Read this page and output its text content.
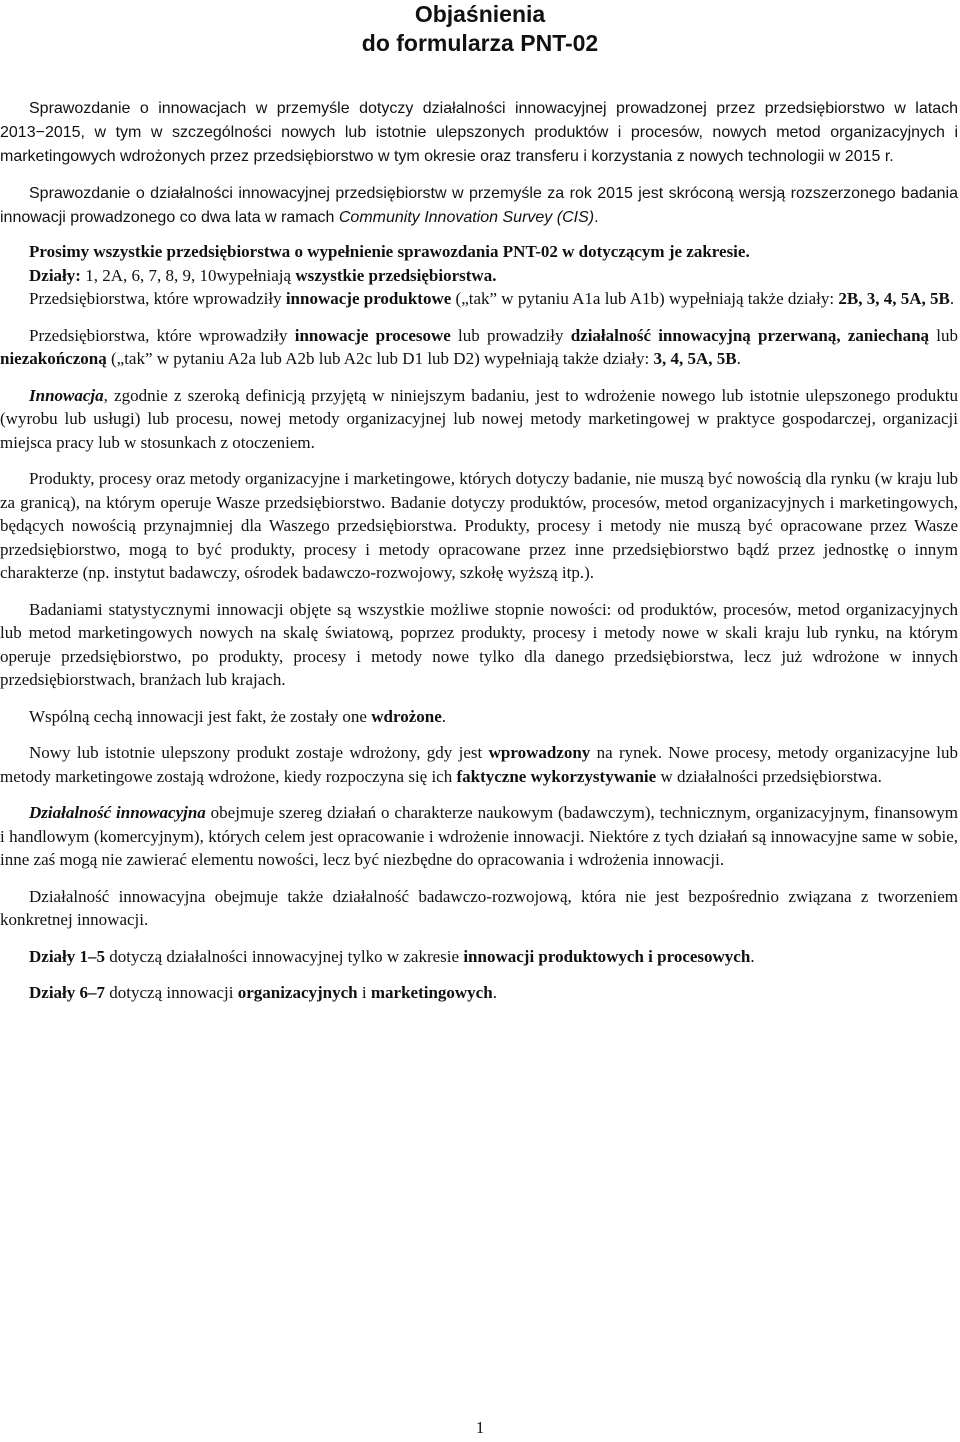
Objaśnienia
do formularza PNT-02

Sprawozdanie o innowacjach w przemyśle dotyczy działalności innowacyjnej prowadzonej przez przedsiębiorstwo w latach 2013−2015, w tym w szczególności nowych lub istotnie ulepszonych produktów i procesów, nowych metod organizacyjnych i marketingowych wdrożonych przez przedsiębiorstwo w tym okresie oraz transferu i korzystania z nowych technologii w 2015 r.

Sprawozdanie o działalności innowacyjnej przedsiębiorstw w przemyśle za rok 2015 jest skróconą wersją rozszerzonego badania innowacji prowadzonego co dwa lata w ramach Community Innovation Survey (CIS).

Prosimy wszystkie przedsiębiorstwa o wypełnienie sprawozdania PNT-02 w dotyczącym je zakresie.

Działy: 1, 2A, 6, 7, 8, 9, 10wypełniają wszystkie przedsiębiorstwa.

Przedsiębiorstwa, które wprowadziły innowacje produktowe („tak” w pytaniu A1a lub A1b) wypełniają także działy: 2B, 3, 4, 5A, 5B.

Przedsiębiorstwa, które wprowadziły innowacje procesowe lub prowadziły działalność innowacyjną przerwaną, zaniechaną lub niezakończoną („tak” w pytaniu A2a lub A2b lub A2c lub D1 lub D2) wypełniają także działy: 3, 4, 5A, 5B.

Innowacja, zgodnie z szeroką definicją przyjętą w niniejszym badaniu, jest to wdrożenie nowego lub istotnie ulepszonego produktu (wyrobu lub usługi) lub procesu, nowej metody organizacyjnej lub nowej metody marketingowej w praktyce gospodarczej, organizacji miejsca pracy lub w stosunkach z otoczeniem.

Produkty, procesy oraz metody organizacyjne i marketingowe, których dotyczy badanie, nie muszą być nowością dla rynku (w kraju lub za granicą), na którym operuje Wasze przedsiębiorstwo. Badanie dotyczy produktów, procesów, metod organizacyjnych i marketingowych, będących nowością przynajmniej dla Waszego przedsiębiorstwa. Produkty, procesy i metody nie muszą być opracowane przez Wasze przedsiębiorstwo, mogą to być produkty, procesy i metody opracowane przez inne przedsiębiorstwo bądź przez jednostkę o innym charakterze (np. instytut badawczy, ośrodek badawczo-rozwojowy, szkołę wyższą itp.).

Badaniami statystycznymi innowacji objęte są wszystkie możliwe stopnie nowości: od produktów, procesów, metod organizacyjnych lub metod marketingowych nowych na skalę światową, poprzez produkty, procesy i metody nowe w skali kraju lub rynku, na którym operuje przedsiębiorstwo, po produkty, procesy i metody nowe tylko dla danego przedsiębiorstwa, lecz już wdrożone w innych przedsiębiorstwach, branżach lub krajach.

Wspólną cechą innowacji jest fakt, że zostały one wdrożone.

Nowy lub istotnie ulepszony produkt zostaje wdrożony, gdy jest wprowadzony na rynek. Nowe procesy, metody organizacyjne lub metody marketingowe zostają wdrożone, kiedy rozpoczyna się ich faktyczne wykorzystywanie w działalności przedsiębiorstwa.

Działalność innowacyjna obejmuje szereg działań o charakterze naukowym (badawczym), technicznym, organizacyjnym, finansowym i handlowym (komercyjnym), których celem jest opracowanie i wdrożenie innowacji. Niektóre z tych działań są innowacyjne same w sobie, inne zaś mogą nie zawierać elementu nowości, lecz być niezbędne do opracowania i wdrożenia innowacji.

Działalność innowacyjna obejmuje także działalność badawczo-rozwojową, która nie jest bezpośrednio związana z tworzeniem konkretnej innowacji.

Działy 1–5 dotyczą działalności innowacyjnej tylko w zakresie innowacji produktowych i procesowych.

Działy 6–7 dotyczą innowacji organizacyjnych i marketingowych.

1
